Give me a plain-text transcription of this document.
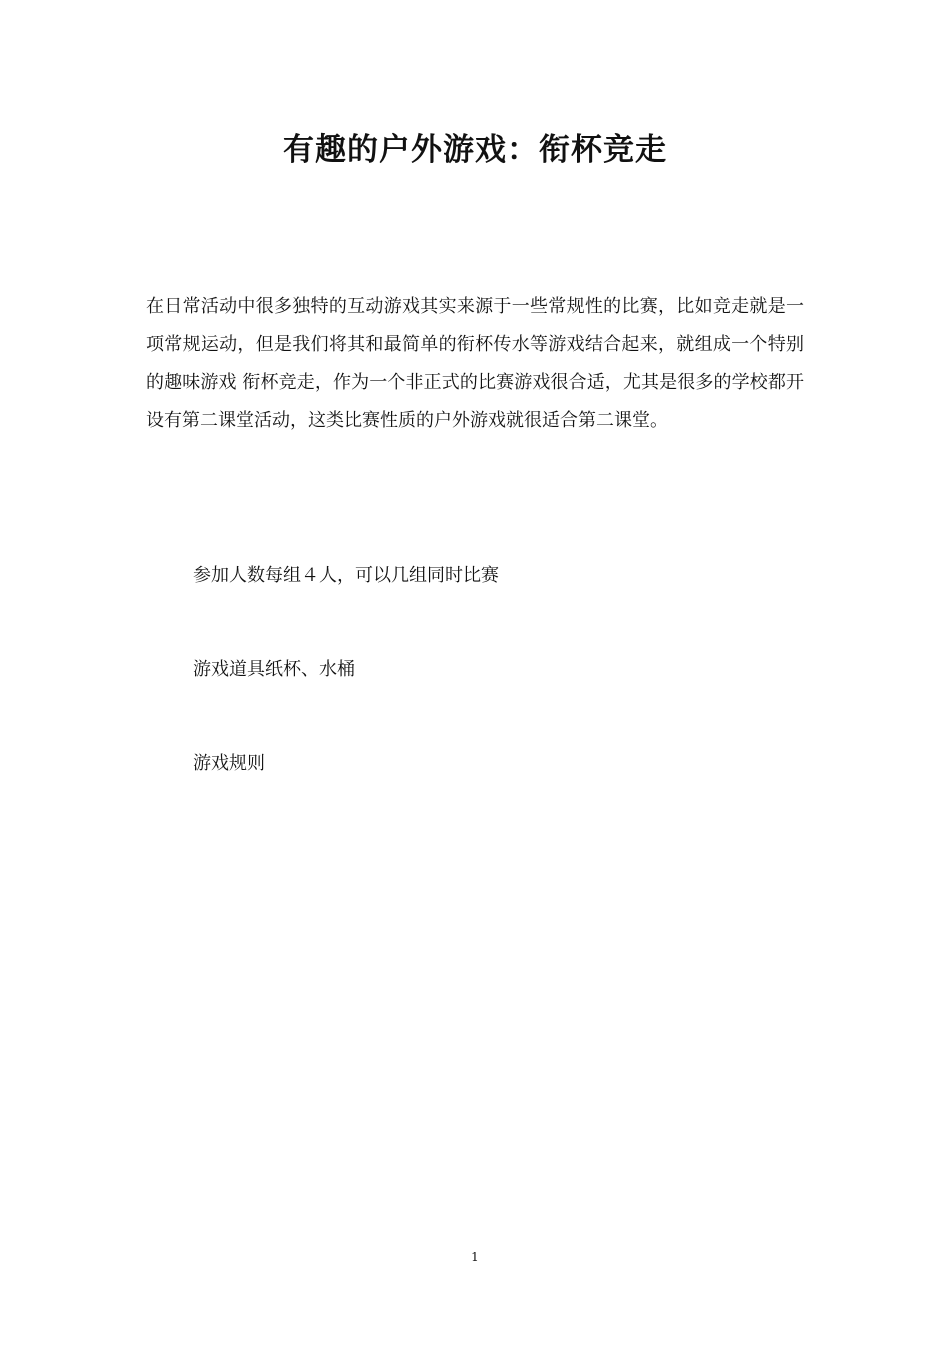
有趣的户外游戏：衔杯竞走

在日常活动中很多独特的互动游戏其实来源于一些常规性的比赛，比如竞走就是一项常规运动，但是我们将其和最简单的衔杯传水等游戏结合起来，就组成一个特别的趣味游戏 衔杯竞走，作为一个非正式的比赛游戏很合适，尤其是很多的学校都开设有第二课堂活动，这类比赛性质的户外游戏就很适合第二课堂。

参加人数每组４人，可以几组同时比赛

游戏道具纸杯、水桶

游戏规则

1
